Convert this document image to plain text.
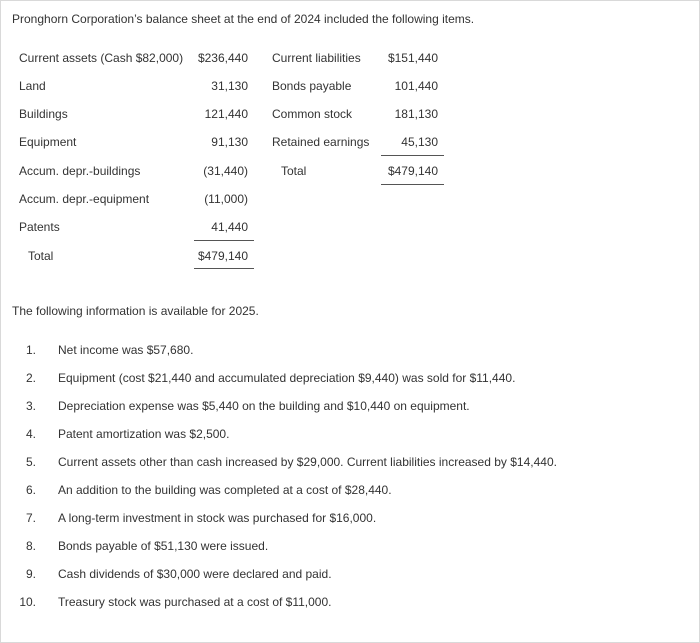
Pronghorn Corporation’s balance sheet at the end of 2024 included the following items.
Current assets (Cash $82,000)	$236,440
Land	31,130
Buildings	121,440
Equipment	91,130
Accum. depr.-buildings	(31,440)
Accum. depr.-equipment	(11,000)
Patents	41,440
Total	$479,140
Current liabilities	$151,440
Bonds payable	101,440
Common stock	181,130
Retained earnings	45,130
Total	$479,140
The following information is available for 2025.
1. Net income was $57,680.
2. Equipment (cost $21,440 and accumulated depreciation $9,440) was sold for $11,440.
3. Depreciation expense was $5,440 on the building and $10,440 on equipment.
4. Patent amortization was $2,500.
5. Current assets other than cash increased by $29,000. Current liabilities increased by $14,440.
6. An addition to the building was completed at a cost of $28,440.
7. A long-term investment in stock was purchased for $16,000.
8. Bonds payable of $51,130 were issued.
9. Cash dividends of $30,000 were declared and paid.
10. Treasury stock was purchased at a cost of $11,000.
